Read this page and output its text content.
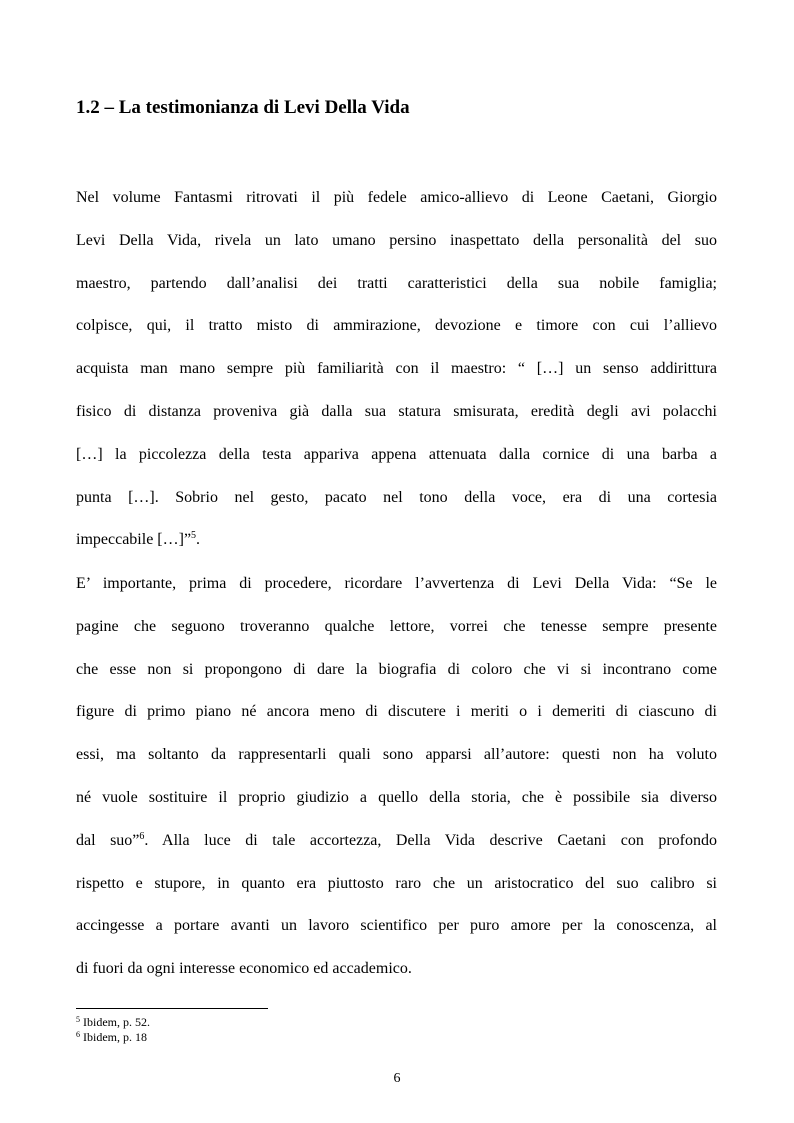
1.2 – La testimonianza di Levi Della Vida
Nel volume Fantasmi ritrovati il più fedele amico-allievo di Leone Caetani, Giorgio
Levi Della Vida, rivela un lato umano persino inaspettato della personalità del suo
maestro, partendo dall’analisi dei tratti caratteristici della sua nobile famiglia;
colpisce, qui, il tratto misto di ammirazione, devozione e timore con cui l’allievo
acquista man mano sempre più familiarità con il maestro: “ […] un senso addirittura
fisico di distanza proveniva già dalla sua statura smisurata, eredità degli avi polacchi
[…] la piccolezza della testa appariva appena attenuata dalla cornice di una barba a
punta […]. Sobrio nel gesto, pacato nel tono della voce, era di una cortesia
impeccabile […]”$^5$.
E’ importante, prima di procedere, ricordare l’avvertenza di Levi Della Vida: “Se le
pagine che seguono troveranno qualche lettore, vorrei che tenesse sempre presente
che esse non si propongono di dare la biografia di coloro che vi si incontrano come
figure di primo piano né ancora meno di discutere i meriti o i demeriti di ciascuno di
essi, ma soltanto da rappresentarli quali sono apparsi all’autore: questi non ha voluto
né vuole sostituire il proprio giudizio a quello della storia, che è possibile sia diverso
dal suo”$^6$. Alla luce di tale accortezza, Della Vida descrive Caetani con profondo
rispetto e stupore, in quanto era piuttosto raro che un aristocratico del suo calibro si
accingesse a portare avanti un lavoro scientifico per puro amore per la conoscenza, al
di fuori da ogni interesse economico ed accademico.
$^5$ Ibidem, p. 52.
$^6$ Ibidem, p. 18
6
